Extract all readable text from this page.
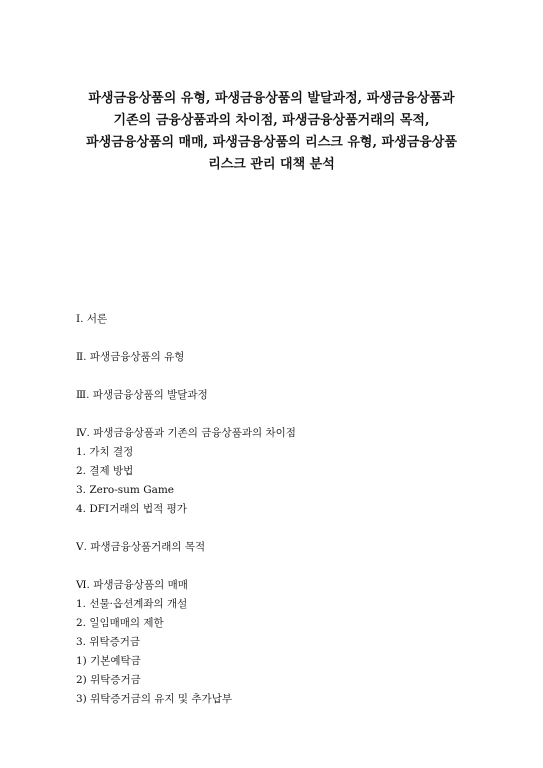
파생금융상품의 유형, 파생금융상품의 발달과정, 파생금융상품과
기존의 금융상품과의 차이점, 파생금융상품거래의 목적,
파생금융상품의 매매, 파생금융상품의 리스크 유형, 파생금융상품
리스크 관리 대책 분석
Ⅰ. 서론
Ⅱ. 파생금융상품의 유형
Ⅲ. 파생금융상품의 발달과정
Ⅳ. 파생금융상품과 기존의 금융상품과의 차이점
1. 가치 결정
2. 결제 방법
3. Zero-sum Game
4. DFI거래의 법적 평가
Ⅴ. 파생금융상품거래의 목적
Ⅵ. 파생금융상품의 매매
1. 선물·옵션계좌의 개설
2. 일임매매의 제한
3. 위탁증거금
1) 기본예탁금
2) 위탁증거금
3) 위탁증거금의 유지 및 추가납부
